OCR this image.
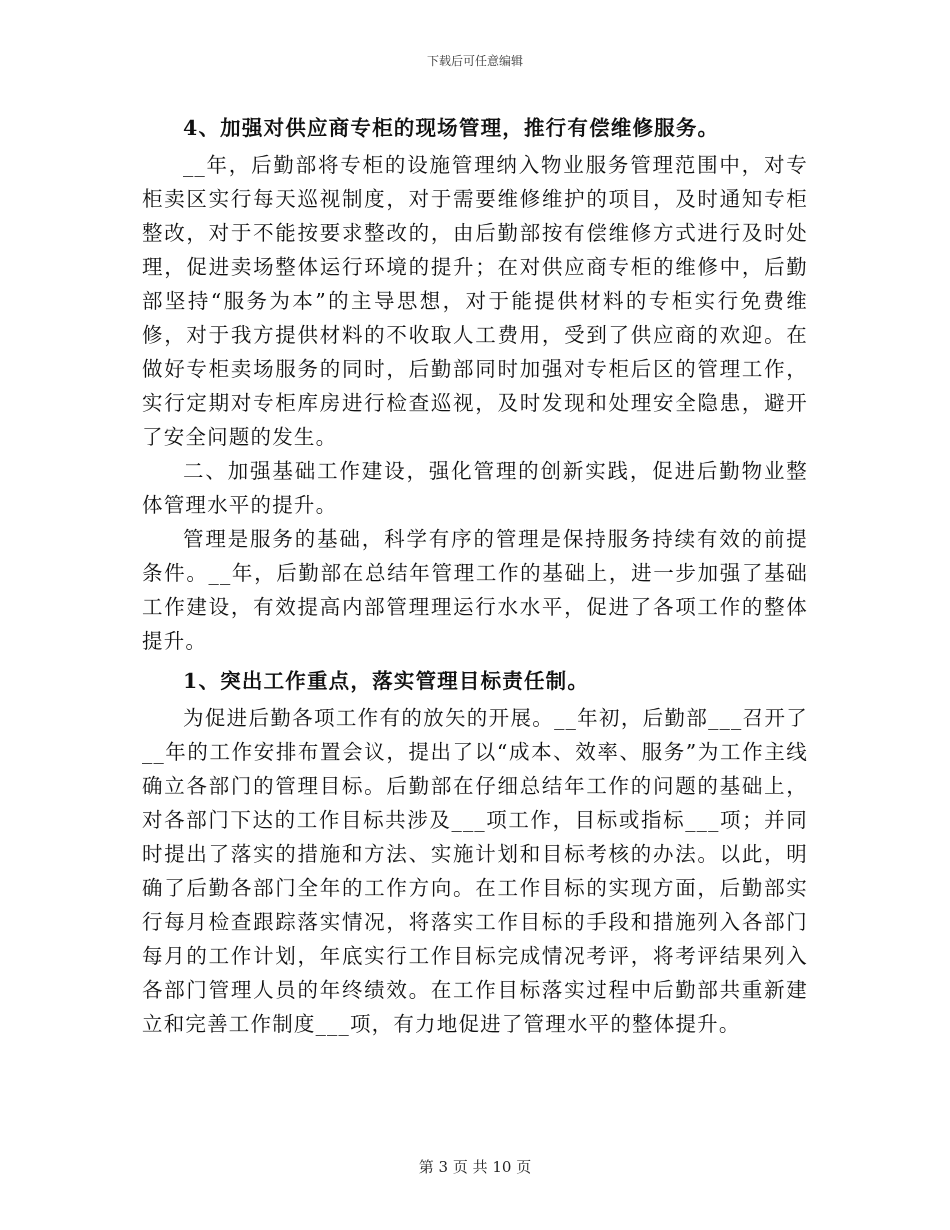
下载后可任意编辑

4、加强对供应商专柜的现场管理，推行有偿维修服务。

__年，后勤部将专柜的设施管理纳入物业服务管理范围中，对专柜卖区实行每天巡视制度，对于需要维修维护的项目，及时通知专柜整改，对于不能按要求整改的，由后勤部按有偿维修方式进行及时处理，促进卖场整体运行环境的提升；在对供应商专柜的维修中，后勤部坚持“服务为本”的主导思想，对于能提供材料的专柜实行免费维修，对于我方提供材料的不收取人工费用，受到了供应商的欢迎。在做好专柜卖场服务的同时，后勤部同时加强对专柜后区的管理工作，实行定期对专柜库房进行检查巡视，及时发现和处理安全隐患，避开了安全问题的发生。

二、加强基础工作建设，强化管理的创新实践，促进后勤物业整体管理水平的提升。

管理是服务的基础，科学有序的管理是保持服务持续有效的前提条件。__年，后勤部在总结年管理工作的基础上，进一步加强了基础工作建设，有效提高内部管理理运行水水平，促进了各项工作的整体提升。

1、突出工作重点，落实管理目标责任制。

为促进后勤各项工作有的放矢的开展。__年初，后勤部___召开了__年的工作安排布置会议，提出了以“成本、效率、服务”为工作主线确立各部门的管理目标。后勤部在仔细总结年工作的问题的基础上，对各部门下达的工作目标共涉及___项工作，目标或指标___项；并同时提出了落实的措施和方法、实施计划和目标考核的办法。以此，明确了后勤各部门全年的工作方向。在工作目标的实现方面，后勤部实行每月检查跟踪落实情况，将落实工作目标的手段和措施列入各部门每月的工作计划，年底实行工作目标完成情况考评，将考评结果列入各部门管理人员的年终绩效。在工作目标落实过程中后勤部共重新建立和完善工作制度___项，有力地促进了管理水平的整体提升。

第 3 页 共 10 页
